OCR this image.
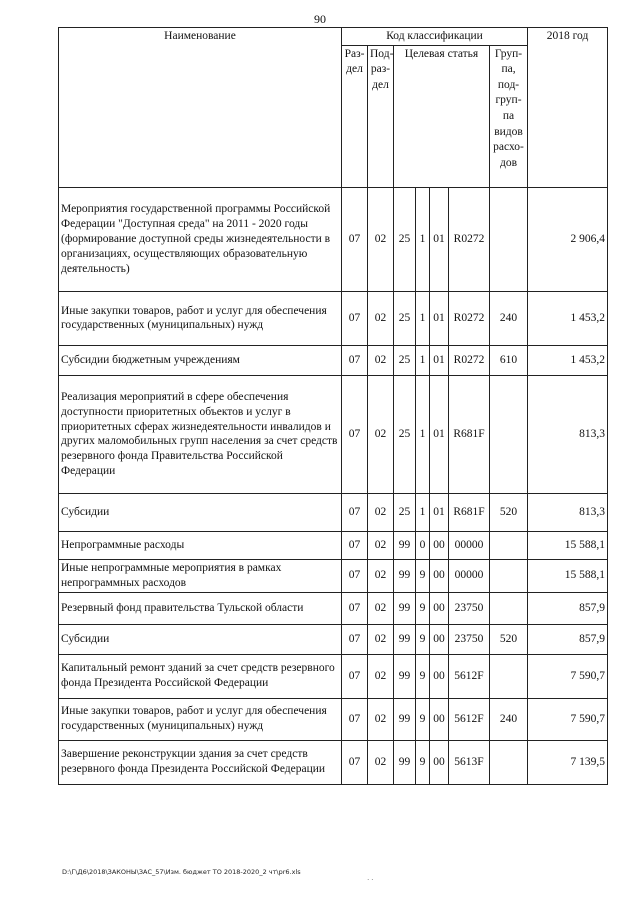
90
Наименование	Код классификации							2018 год
	Раз-дел	Под-раз-дел	Целевая статья				Груп-па, под-груп-па видов расхо-дов	
Мероприятия государственной программы Российской Федерации "Доступная среда" на 2011 - 2020 годы (формирование доступной среды жизнедеятельности в организациях, осуществляющих образовательную деятельность)	07	02	25	1	01	R0272		2 906,4
Иные закупки товаров, работ и услуг для обеспечения государственных (муниципальных) нужд	07	02	25	1	01	R0272	240	1 453,2
Субсидии бюджетным учреждениям	07	02	25	1	01	R0272	610	1 453,2
Реализация мероприятий в сфере обеспечения доступности приоритетных объектов и услуг в приоритетных сферах жизнедеятельности инвалидов и других маломобильных групп населения за счет средств резервного фонда Правительства Российской Федерации	07	02	25	1	01	R681F		813,3
Субсидии	07	02	25	1	01	R681F	520	813,3
Непрограммные расходы	07	02	99	0	00	00000		15 588,1
Иные непрограммные мероприятия в рамках непрограммных расходов	07	02	99	9	00	00000		15 588,1
Резервный фонд правительства Тульской области	07	02	99	9	00	23750		857,9
Субсидии	07	02	99	9	00	23750	520	857,9
Капитальный ремонт зданий за счет средств резервного фонда Президента Российской Федерации	07	02	99	9	00	5612F		7 590,7
Иные закупки товаров, работ и услуг для обеспечения государственных (муниципальных) нужд	07	02	99	9	00	5612F	240	7 590,7
Завершение реконструкции здания за счет средств резервного фонда Президента Российской Федерации	07	02	99	9	00	5613F		7 139,5
D:\Г\Д6\2018\ЗАКОНЫ\ЗАС_57\Изм. бюджет ТО 2018-2020_2 чт\pr6.xls
· ·
